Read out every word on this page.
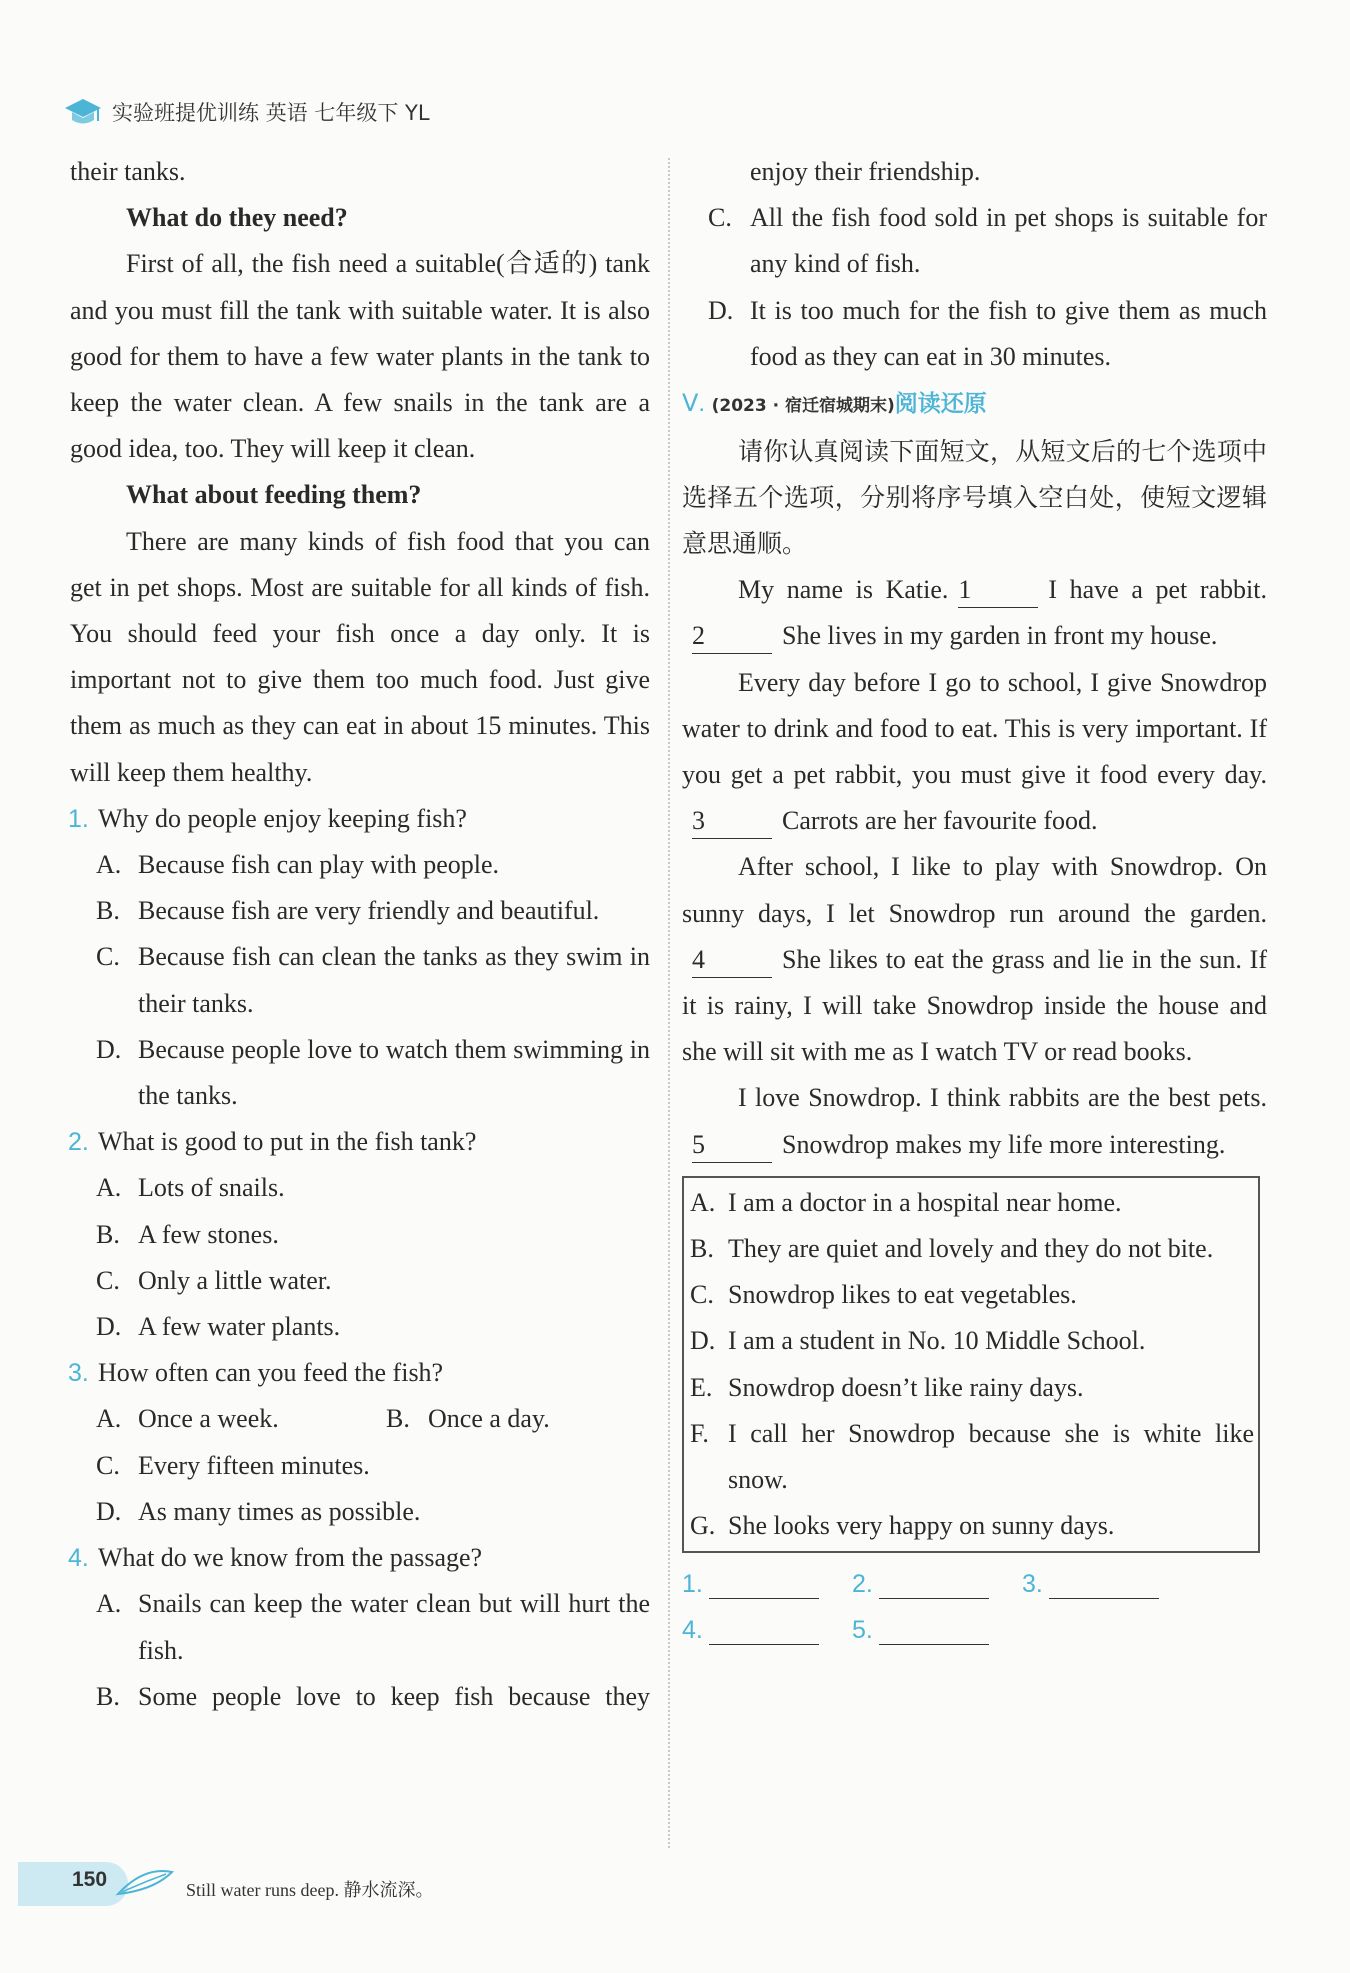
实验班提优训练 英语 七年级下 YL
their tanks.
What do they need?
First of all, the fish need a suitable(合适的) tank and you must fill the tank with suitable water. It is also good for them to have a few water plants in the tank to keep the water clean. A few snails in the tank are a good idea, too. They will keep it clean.
What about feeding them?
There are many kinds of fish food that you can get in pet shops. Most are suitable for all kinds of fish. You should feed your fish once a day only. It is important not to give them too much food. Just give them as much as they can eat in about 15 minutes. This will keep them healthy.
1. Why do people enjoy keeping fish?
A. Because fish can play with people.
B. Because fish are very friendly and beautiful.
C. Because fish can clean the tanks as they swim in their tanks.
D. Because people love to watch them swimming in the tanks.
2. What is good to put in the fish tank?
A. Lots of snails.
B. A few stones.
C. Only a little water.
D. A few water plants.
3. How often can you feed the fish?
A. Once a week.	B. Once a day.
C. Every fifteen minutes.
D. As many times as possible.
4. What do we know from the passage?
A. Snails can keep the water clean but will hurt the fish.
B. Some people love to keep fish because they
enjoy their friendship.
C. All the fish food sold in pet shops is suitable for any kind of fish.
D. It is too much for the fish to give them as much food as they can eat in 30 minutes.
Ⅴ. (2023 · 宿迁宿城期末)阅读还原
请你认真阅读下面短文，从短文后的七个选项中选择五个选项，分别将序号填入空白处，使短文逻辑意思通顺。
My name is Katie. 1	I have a pet rabbit.2	She lives in my garden in front my house.
Every day before I go to school, I give Snowdrop water to drink and food to eat. This is very important. If you get a pet rabbit, you must give it food every day.3	Carrots are her favourite food.
After school, I like to play with Snowdrop. On sunny days, I let Snowdrop run around the garden.4	She likes to eat the grass and lie in the sun. If it is rainy, I will take Snowdrop inside the house and she will sit with me as I watch TV or read books.
I love Snowdrop. I think rabbits are the best pets.5	Snowdrop makes my life more interesting.
A. I am a doctor in a hospital near home.
B. They are quiet and lovely and they do not bite.
C. Snowdrop likes to eat vegetables.
D. I am a student in No. 10 Middle School.
E. Snowdrop doesn’t like rainy days.
F. I call her Snowdrop because she is white like snow.
G. She looks very happy on sunny days.
1.	2.	3.
4.	5.
150	Still water runs deep. 静水流深。
